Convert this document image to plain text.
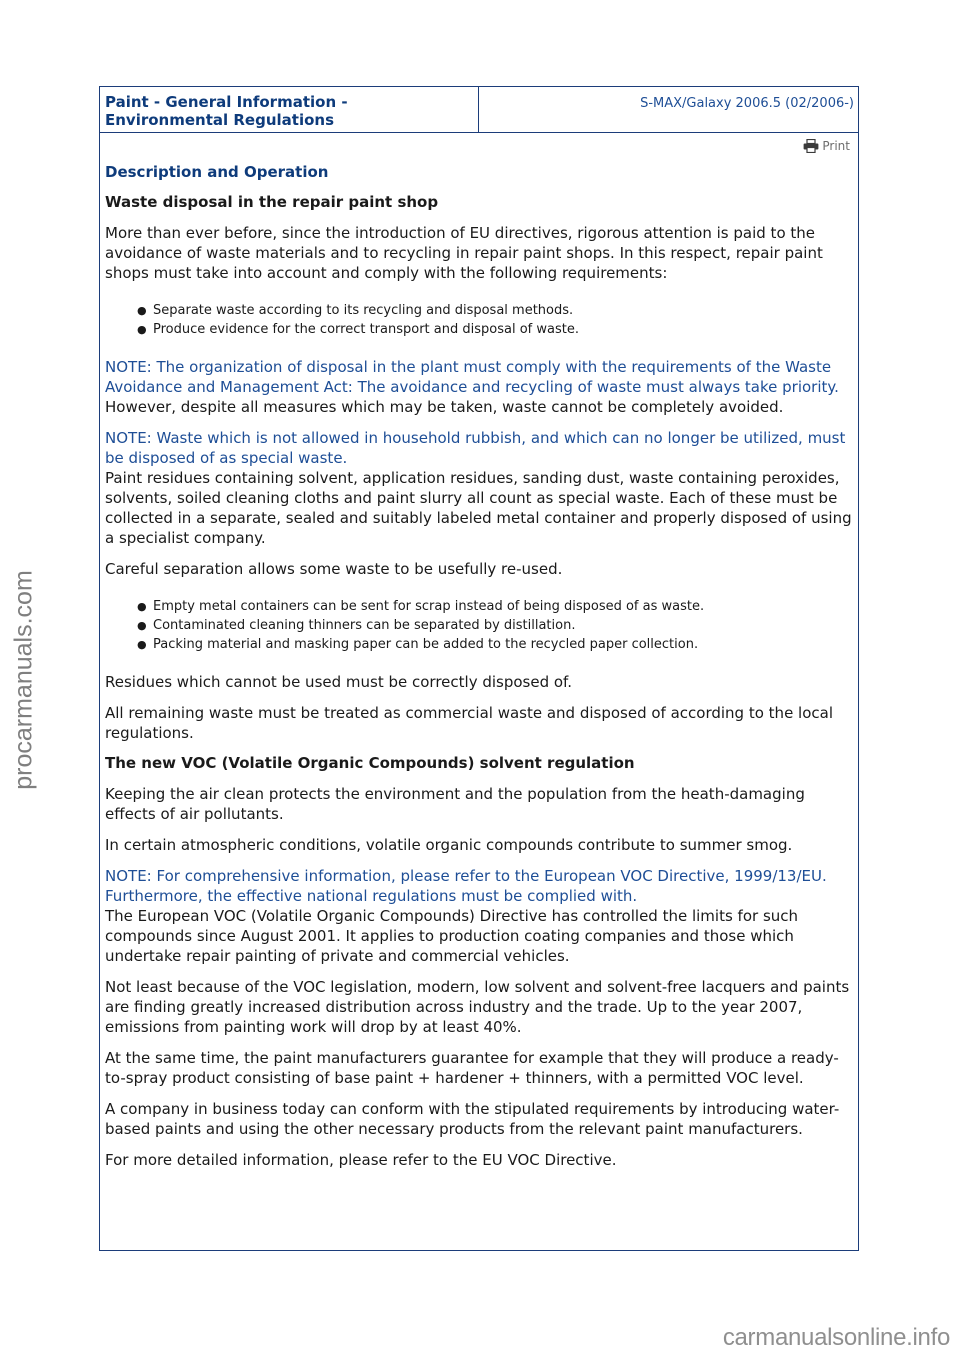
Paint - General Information -
Environmental Regulations
S-MAX/Galaxy 2006.5 (02/2006-)
Print
Description and Operation
Waste disposal in the repair paint shop

More than ever before, since the introduction of EU directives, rigorous attention is paid to the avoidance of waste materials and to recycling in repair paint shops. In this respect, repair paint shops must take into account and comply with the following requirements:

● Separate waste according to its recycling and disposal methods.
● Produce evidence for the correct transport and disposal of waste.

NOTE: The organization of disposal in the plant must comply with the requirements of the Waste Avoidance and Management Act: The avoidance and recycling of waste must always take priority.

However, despite all measures which may be taken, waste cannot be completely avoided.

NOTE: Waste which is not allowed in household rubbish, and which can no longer be utilized, must be disposed of as special waste.

Paint residues containing solvent, application residues, sanding dust, waste containing peroxides, solvents, soiled cleaning cloths and paint slurry all count as special waste. Each of these must be collected in a separate, sealed and suitably labeled metal container and properly disposed of using a specialist company.

Careful separation allows some waste to be usefully re-used.

● Empty metal containers can be sent for scrap instead of being disposed of as waste.
● Contaminated cleaning thinners can be separated by distillation.
● Packing material and masking paper can be added to the recycled paper collection.

Residues which cannot be used must be correctly disposed of.

All remaining waste must be treated as commercial waste and disposed of according to the local regulations.

The new VOC (Volatile Organic Compounds) solvent regulation

Keeping the air clean protects the environment and the population from the heath-damaging effects of air pollutants.

In certain atmospheric conditions, volatile organic compounds contribute to summer smog.

NOTE: For comprehensive information, please refer to the European VOC Directive, 1999/13/EU. Furthermore, the effective national regulations must be complied with.

The European VOC (Volatile Organic Compounds) Directive has controlled the limits for such compounds since August 2001. It applies to production coating companies and those which undertake repair painting of private and commercial vehicles.

Not least because of the VOC legislation, modern, low solvent and solvent-free lacquers and paints are finding greatly increased distribution across industry and the trade. Up to the year 2007, emissions from painting work will drop by at least 40%.

At the same time, the paint manufacturers guarantee for example that they will produce a ready-to-spray product consisting of base paint + hardener + thinners, with a permitted VOC level.

A company in business today can conform with the stipulated requirements by introducing water-based paints and using the other necessary products from the relevant paint manufacturers.

For more detailed information, please refer to the EU VOC Directive.

procarmanuals.com
carmanualsonline.info
